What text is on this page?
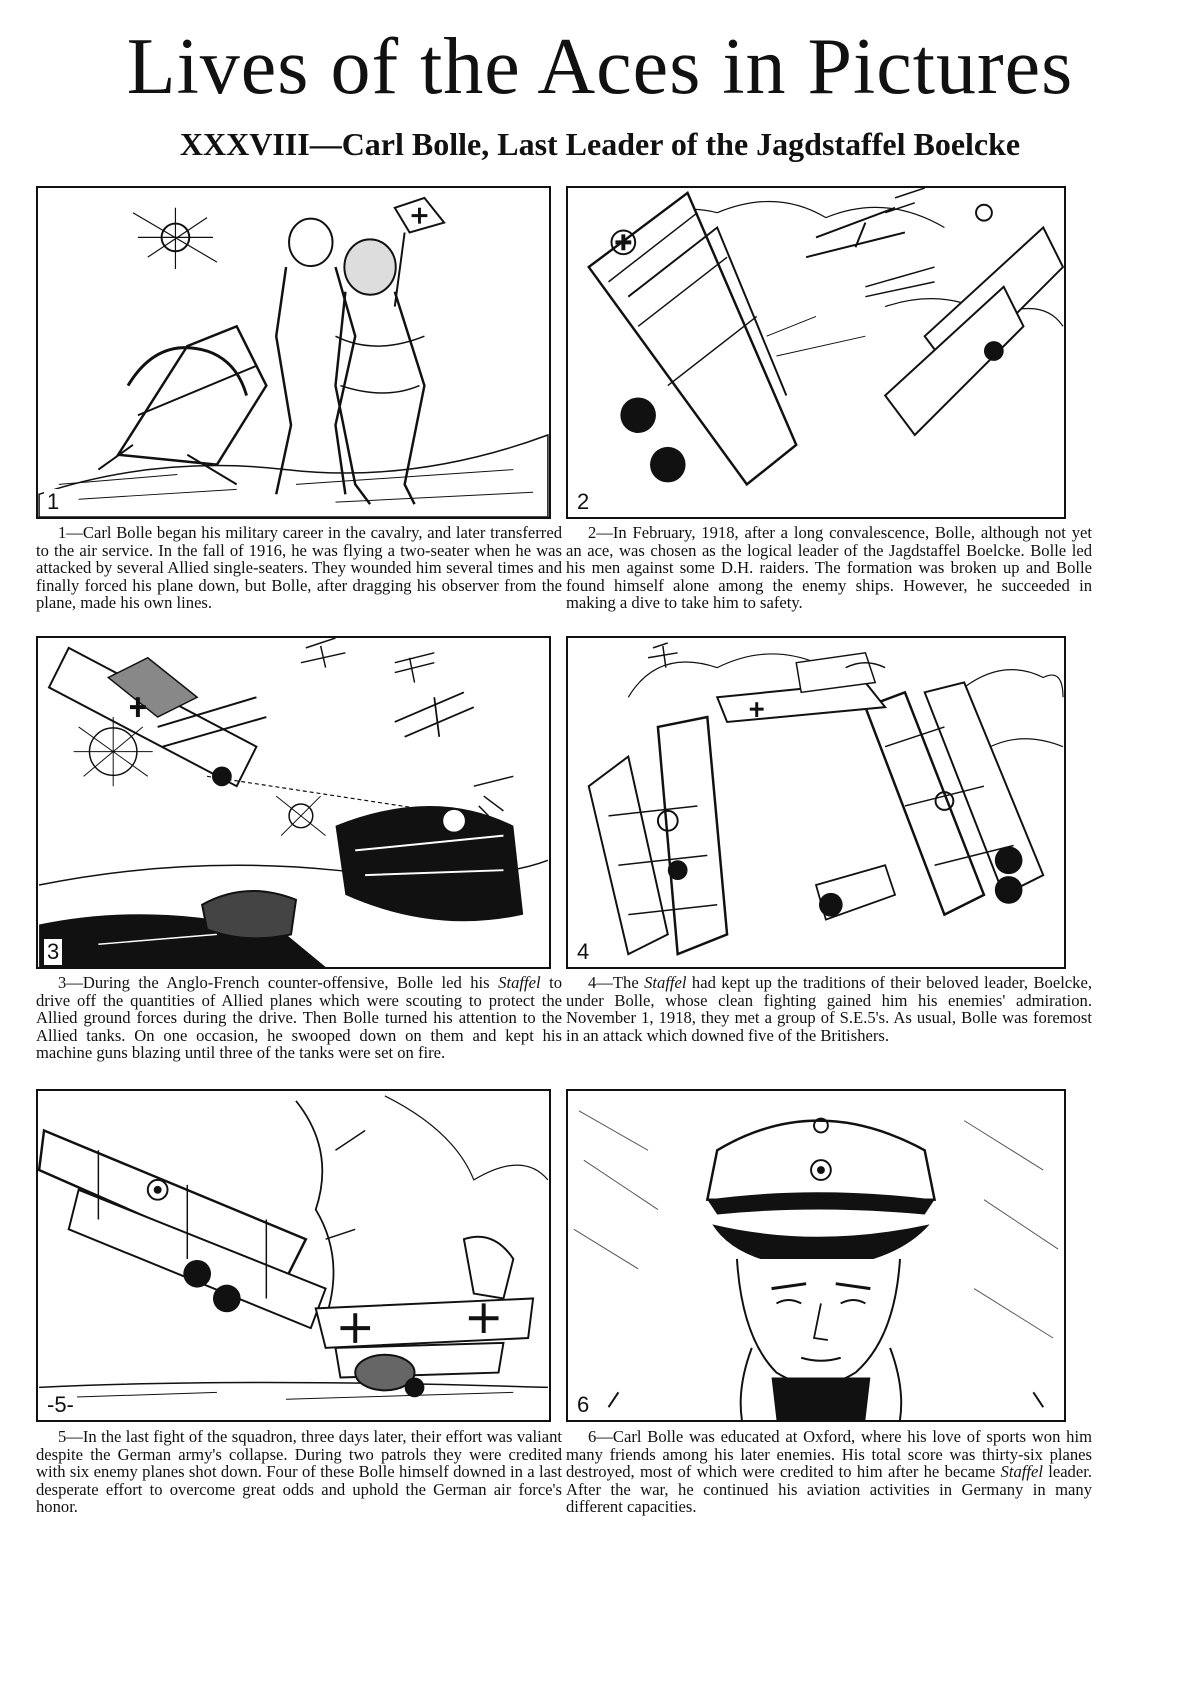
Lives of the Aces in Pictures
XXXVIII—Carl Bolle, Last Leader of the Jagdstaffel Boelcke
1	2

1—Carl Bolle began his military career in the cavalry, and later transferred to the air service. In the fall of 1916, he was flying a two-seater when he was attacked by several Allied single-seaters. They wounded him several times and finally forced his plane down, but Bolle, after dragging his observer from the plane, made his own lines.

2—In February, 1918, after a long convalescence, Bolle, although not yet an ace, was chosen as the logical leader of the Jagdstaffel Boelcke. Bolle led his men against some D.H. raiders. The formation was broken up and Bolle found himself alone among the enemy ships. However, he succeeded in making a dive to take him to safety.

3	4

3—During the Anglo-French counter-offensive, Bolle led his Staffel to drive off the quantities of Allied planes which were scouting to protect the Allied ground forces during the drive. Then Bolle turned his attention to the Allied tanks. On one occasion, he swooped down on them and kept his machine guns blazing until three of the tanks were set on fire.

4—The Staffel had kept up the traditions of their beloved leader, Boelcke, under Bolle, whose clean fighting gained him his enemies' admiration. November 1, 1918, they met a group of S.E.5's. As usual, Bolle was foremost in an attack which downed five of the Britishers.

-5-	6

5—In the last fight of the squadron, three days later, their effort was valiant despite the German army's collapse. During two patrols they were credited with six enemy planes shot down. Four of these Bolle himself downed in a last desperate effort to overcome great odds and uphold the German air force's honor.

6—Carl Bolle was educated at Oxford, where his love of sports won him many friends among his later enemies. His total score was thirty-six planes destroyed, most of which were credited to him after he became Staffel leader. After the war, he continued his aviation activities in Germany in many different capacities.
